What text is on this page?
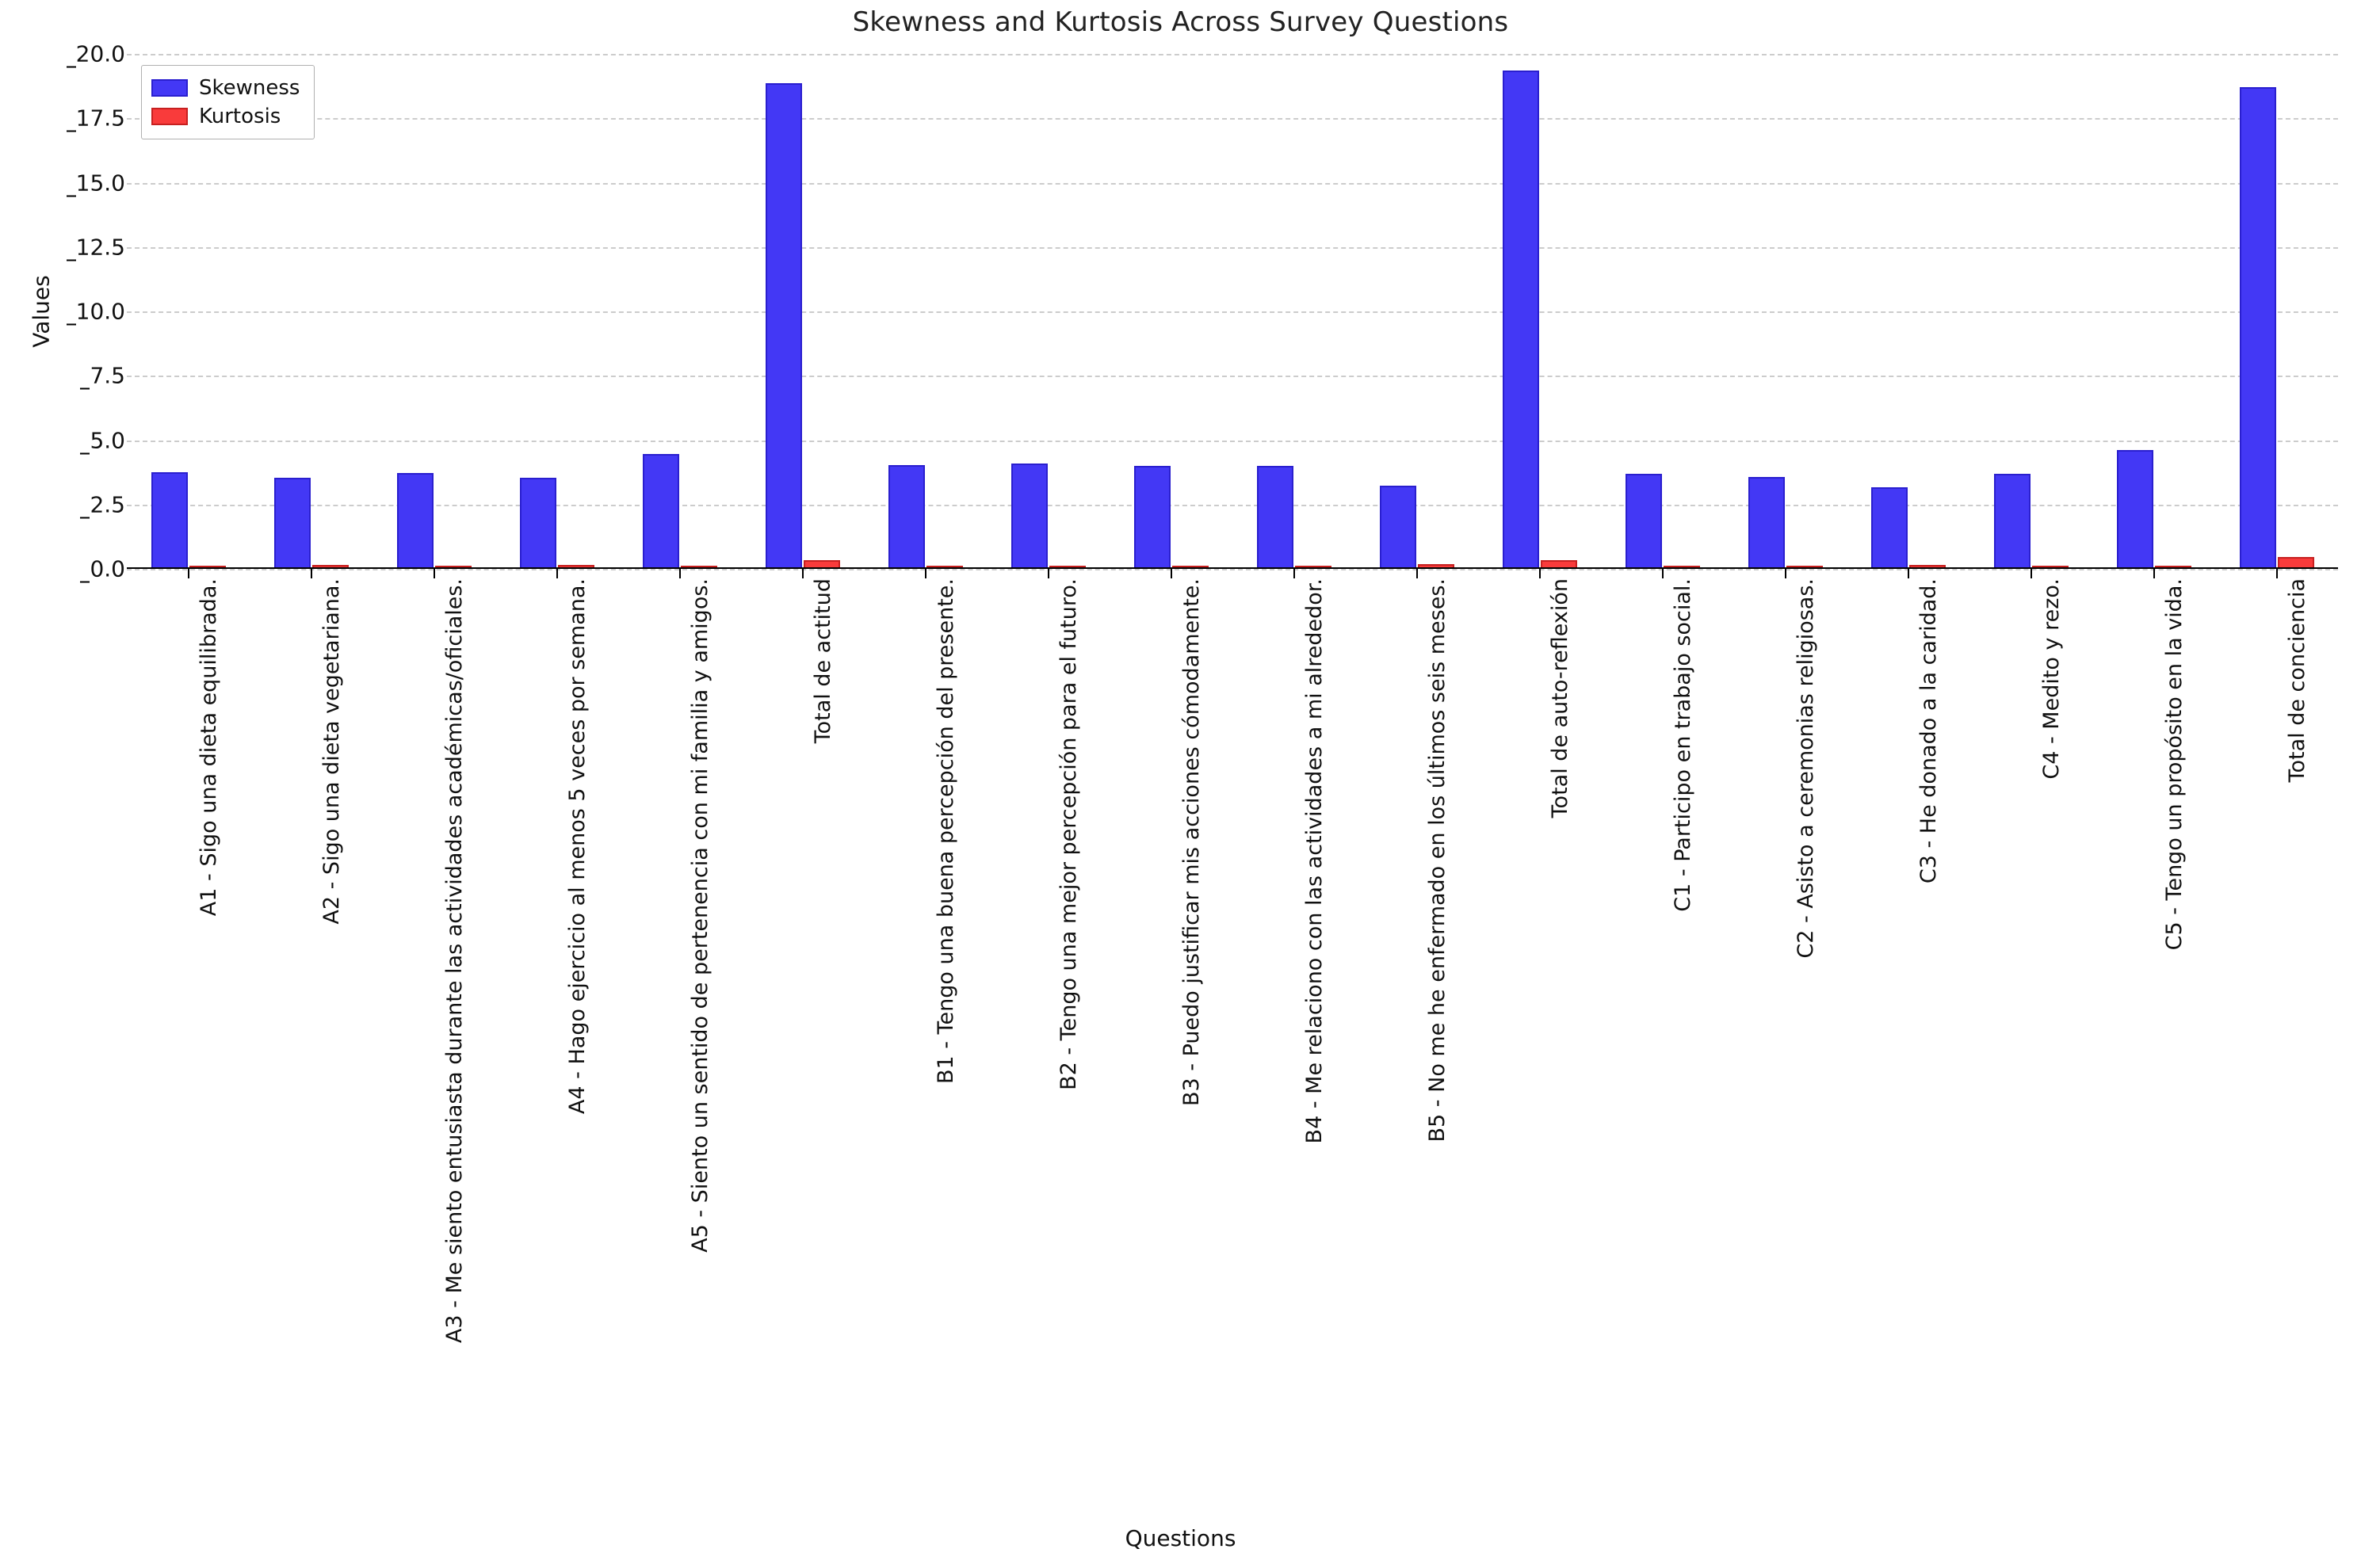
Skewness and Kurtosis Across Survey Questions
0.0
2.5
5.0
7.5
10.0
12.5
15.0
17.5
20.0
Values
A1 - Sigo una dieta equilibrada.	A2 - Sigo una dieta vegetariana.	A3 - Me siento entusiasta durante las actividades académicas/oficiales.	A4 - Hago ejercicio al menos 5 veces por semana.	A5 - Siento un sentido de pertenencia con mi familia y amigos.	Total de actitud	B1 - Tengo una buena percepción del presente.	B2 - Tengo una mejor percepción para el futuro.	B3 - Puedo justificar mis acciones cómodamente.	B4 - Me relaciono con las actividades a mi alrededor.	B5 - No me he enfermado en los últimos seis meses.	Total de auto-reflexión	C1 - Participo en trabajo social.	C2 - Asisto a ceremonias religiosas.	C3 - He donado a la caridad.	C4 - Medito y rezo.	C5 - Tengo un propósito en la vida.	Total de conciencia
Questions
Skewness
Kurtosis
